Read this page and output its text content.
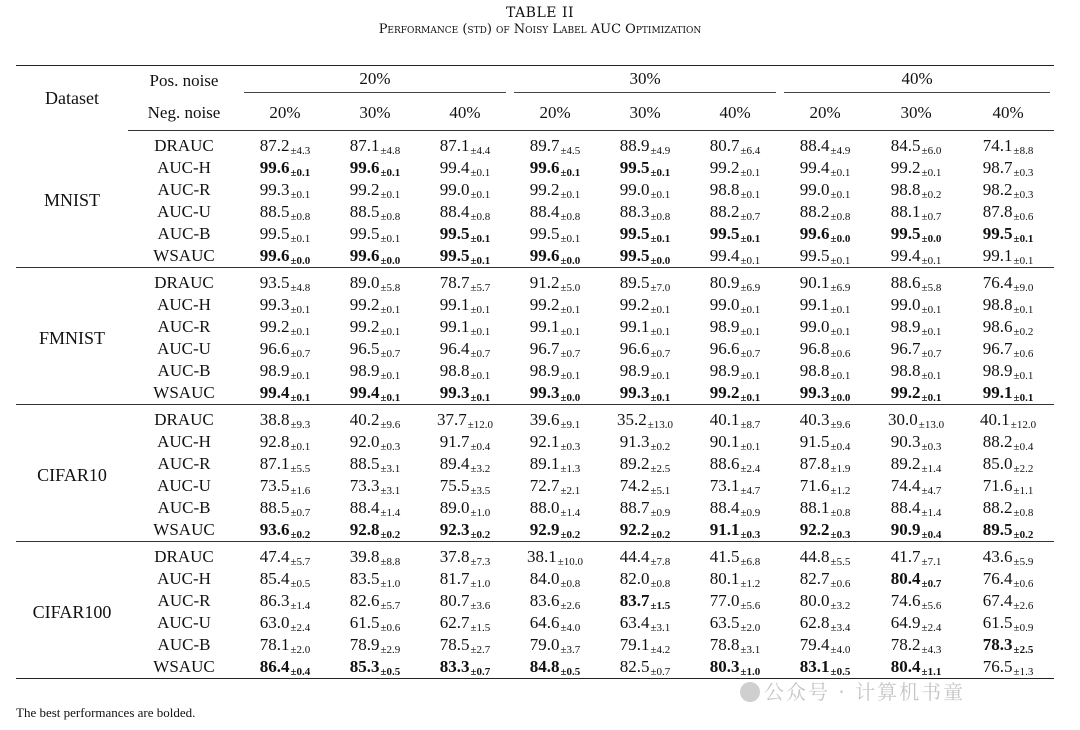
TABLE II
Performance (std) of Noisy Label AUC Optimization
Dataset	Pos. noise	20%			30%			40%		

	Neg. noise	20%	30%	40%	20%	30%	40%	20%	30%	40%
MNIST	DRAUC	87.2±4.3	87.1±4.8	87.1±4.4	89.7±4.5	88.9±4.9	80.7±6.4	88.4±4.9	84.5±6.0	74.1±8.8
	AUC-H	99.6±0.1	99.6±0.1	99.4±0.1	99.6±0.1	99.5±0.1	99.2±0.1	99.4±0.1	99.2±0.1	98.7±0.3
	AUC-R	99.3±0.1	99.2±0.1	99.0±0.1	99.2±0.1	99.0±0.1	98.8±0.1	99.0±0.1	98.8±0.2	98.2±0.3
	AUC-U	88.5±0.8	88.5±0.8	88.4±0.8	88.4±0.8	88.3±0.8	88.2±0.7	88.2±0.8	88.1±0.7	87.8±0.6
	AUC-B	99.5±0.1	99.5±0.1	99.5±0.1	99.5±0.1	99.5±0.1	99.5±0.1	99.6±0.0	99.5±0.0	99.5±0.1
	WSAUC	99.6±0.0	99.6±0.0	99.5±0.1	99.6±0.0	99.5±0.0	99.4±0.1	99.5±0.1	99.4±0.1	99.1±0.1
FMNIST	DRAUC	93.5±4.8	89.0±5.8	78.7±5.7	91.2±5.0	89.5±7.0	80.9±6.9	90.1±6.9	88.6±5.8	76.4±9.0
	AUC-H	99.3±0.1	99.2±0.1	99.1±0.1	99.2±0.1	99.2±0.1	99.0±0.1	99.1±0.1	99.0±0.1	98.8±0.1
	AUC-R	99.2±0.1	99.2±0.1	99.1±0.1	99.1±0.1	99.1±0.1	98.9±0.1	99.0±0.1	98.9±0.1	98.6±0.2
	AUC-U	96.6±0.7	96.5±0.7	96.4±0.7	96.7±0.7	96.6±0.7	96.6±0.7	96.8±0.6	96.7±0.7	96.7±0.6
	AUC-B	98.9±0.1	98.9±0.1	98.8±0.1	98.9±0.1	98.9±0.1	98.9±0.1	98.8±0.1	98.8±0.1	98.9±0.1
	WSAUC	99.4±0.1	99.4±0.1	99.3±0.1	99.3±0.0	99.3±0.1	99.2±0.1	99.3±0.0	99.2±0.1	99.1±0.1
CIFAR10	DRAUC	38.8±9.3	40.2±9.6	37.7±12.0	39.6±9.1	35.2±13.0	40.1±8.7	40.3±9.6	30.0±13.0	40.1±12.0
	AUC-H	92.8±0.1	92.0±0.3	91.7±0.4	92.1±0.3	91.3±0.2	90.1±0.1	91.5±0.4	90.3±0.3	88.2±0.4
	AUC-R	87.1±5.5	88.5±3.1	89.4±3.2	89.1±1.3	89.2±2.5	88.6±2.4	87.8±1.9	89.2±1.4	85.0±2.2
	AUC-U	73.5±1.6	73.3±3.1	75.5±3.5	72.7±2.1	74.2±5.1	73.1±4.7	71.6±1.2	74.4±4.7	71.6±1.1
	AUC-B	88.5±0.7	88.4±1.4	89.0±1.0	88.0±1.4	88.7±0.9	88.4±0.9	88.1±0.8	88.4±1.4	88.2±0.8
	WSAUC	93.6±0.2	92.8±0.2	92.3±0.2	92.9±0.2	92.2±0.2	91.1±0.3	92.2±0.3	90.9±0.4	89.5±0.2
CIFAR100	DRAUC	47.4±5.7	39.8±8.8	37.8±7.3	38.1±10.0	44.4±7.8	41.5±6.8	44.8±5.5	41.7±7.1	43.6±5.9
	AUC-H	85.4±0.5	83.5±1.0	81.7±1.0	84.0±0.8	82.0±0.8	80.1±1.2	82.7±0.6	80.4±0.7	76.4±0.6
	AUC-R	86.3±1.4	82.6±5.7	80.7±3.6	83.6±2.6	83.7±1.5	77.0±5.6	80.0±3.2	74.6±5.6	67.4±2.6
	AUC-U	63.0±2.4	61.5±0.6	62.7±1.5	64.6±4.0	63.4±3.1	63.5±2.0	62.8±3.4	64.9±2.4	61.5±0.9
	AUC-B	78.1±2.0	78.9±2.9	78.5±2.7	79.0±3.7	79.1±4.2	78.8±3.1	79.4±4.0	78.2±4.3	78.3±2.5
	WSAUC	86.4±0.4	85.3±0.5	83.3±0.7	84.8±0.5	82.5±0.7	80.3±1.0	83.1±0.5	80.4±1.1	76.5±1.3
The best performances are bolded.
公众号 · 计算机书童
